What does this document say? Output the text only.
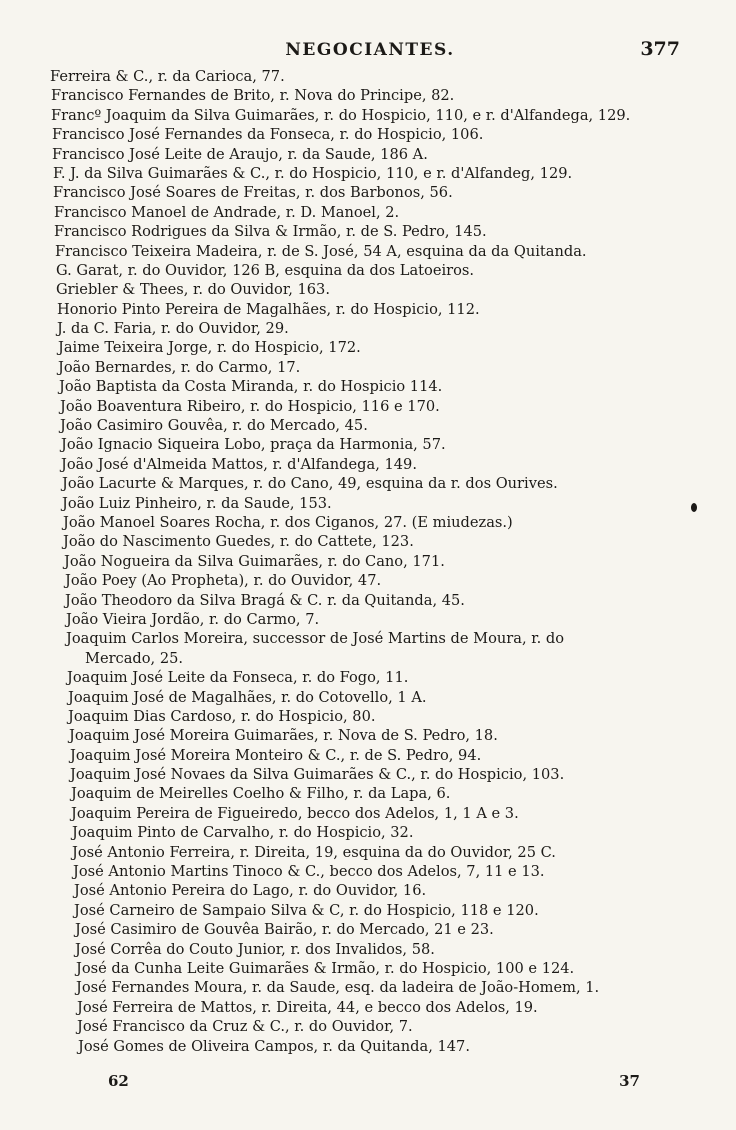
NEGOCIANTES.	377
Ferreira & C., r. da Carioca, 77.
Francisco Fernandes de Brito, r. Nova do Principe, 82.
Francº Joaquim da Silva Guimarães, r. do Hospicio, 110, e r. d'Alfandega, 129.
Francisco José Fernandes da Fonseca, r. do Hospicio, 106.
Francisco José Leite de Araujo, r. da Saude, 186 A.
F. J. da Silva Guimarães & C., r. do Hospicio, 110, e r. d'Alfandeg, 129.
Francisco José Soares de Freitas, r. dos Barbonos, 56.
Francisco Manoel de Andrade, r. D. Manoel, 2.
Francisco Rodrigues da Silva & Irmão, r. de S. Pedro, 145.
Francisco Teixeira Madeira, r. de S. José, 54 A, esquina da da Quitanda.
G. Garat, r. do Ouvidor, 126 B, esquina da dos Latoeiros.
Griebler & Thees, r. do Ouvidor, 163.
Honorio Pinto Pereira de Magalhães, r. do Hospicio, 112.
J. da C. Faria, r. do Ouvidor, 29.
Jaime Teixeira Jorge, r. do Hospicio, 172.
João Bernardes, r. do Carmo, 17.
João Baptista da Costa Miranda, r. do Hospicio 114.
João Boaventura Ribeiro, r. do Hospicio, 116 e 170.
João Casimiro Gouvêa, r. do Mercado, 45.
João Ignacio Siqueira Lobo, praça da Harmonia, 57.
João José d'Almeida Mattos, r. d'Alfandega, 149.
João Lacurte & Marques, r. do Cano, 49, esquina da r. dos Ourives.
João Luiz Pinheiro, r. da Saude, 153.
João Manoel Soares Rocha, r. dos Ciganos, 27. (E miudezas.)
João do Nascimento Guedes, r. do Cattete, 123.
João Nogueira da Silva Guimarães, r. do Cano, 171.
João Poey (Ao Propheta), r. do Ouvidor, 47.
João Theodoro da Silva Bragá & C. r. da Quitanda, 45.
João Vieira Jordão, r. do Carmo, 7.
Joaquim Carlos Moreira, successor de José Martins de Moura, r. do
Mercado, 25.
Joaquim José Leite da Fonseca, r. do Fogo, 11.
Joaquim José de Magalhães, r. do Cotovello, 1 A.
Joaquim Dias Cardoso, r. do Hospicio, 80.
Joaquim José Moreira Guimarães, r. Nova de S. Pedro, 18.
Joaquim José Moreira Monteiro & C., r. de S. Pedro, 94.
Joaquim José Novaes da Silva Guimarães & C., r. do Hospicio, 103.
Joaquim de Meirelles Coelho & Filho, r. da Lapa, 6.
Joaquim Pereira de Figueiredo, becco dos Adelos, 1, 1 A e 3.
Joaquim Pinto de Carvalho, r. do Hospicio, 32.
José Antonio Ferreira, r. Direita, 19, esquina da do Ouvidor, 25 C.
José Antonio Martins Tinoco & C., becco dos Adelos, 7, 11 e 13.
José Antonio Pereira do Lago, r. do Ouvidor, 16.
José Carneiro de Sampaio Silva & C, r. do Hospicio, 118 e 120.
José Casimiro de Gouvêa Bairão, r. do Mercado, 21 e 23.
José Corrêa do Couto Junior, r. dos Invalidos, 58.
José da Cunha Leite Guimarães & Irmão, r. do Hospicio, 100 e 124.
José Fernandes Moura, r. da Saude, esq. da ladeira de João-Homem, 1.
José Ferreira de Mattos, r. Direita, 44, e becco dos Adelos, 19.
José Francisco da Cruz & C., r. do Ouvidor, 7.
José Gomes de Oliveira Campos, r. da Quitanda, 147.
62	37
